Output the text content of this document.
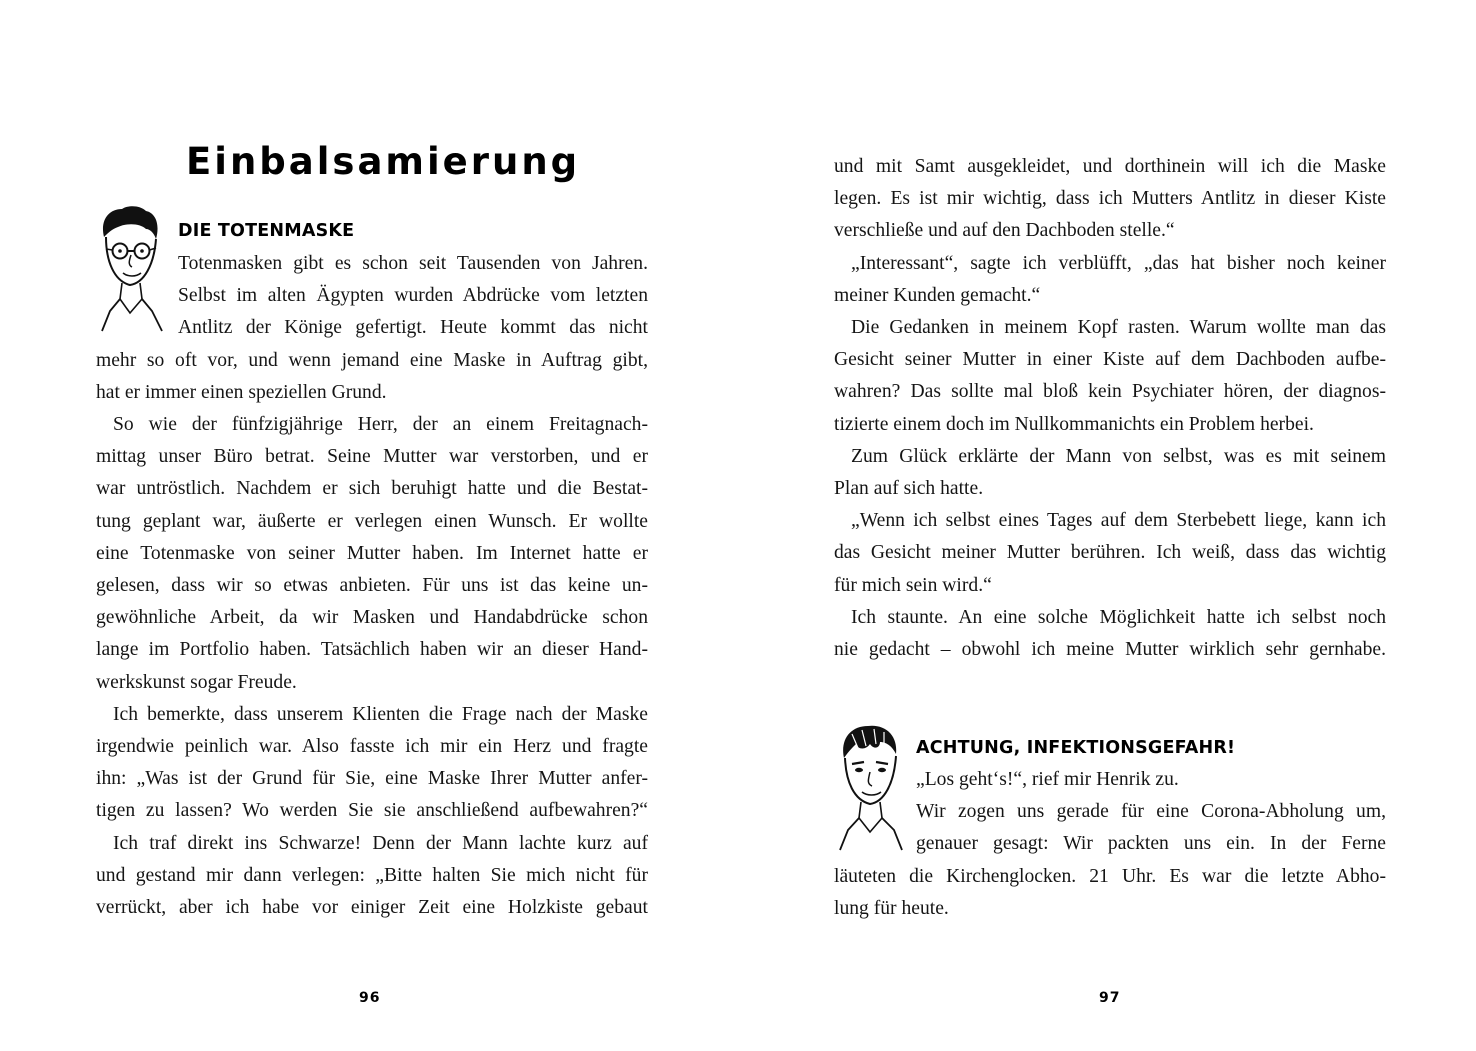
Einbalsamierung
DIE TOTENMASKE
Totenmasken gibt es schon seit Tausenden von Jahren.
Selbst im alten Ägypten wurden Abdrücke vom letzten
Antlitz der Könige gefertigt. Heute kommt das nicht
mehr so oft vor, und wenn jemand eine Maske in Auftrag gibt,
hat er immer einen speziellen Grund.
So wie der fünfzigjährige Herr, der an einem Freitagnach-
mittag unser Büro betrat. Seine Mutter war verstorben, und er
war untröstlich. Nachdem er sich beruhigt hatte und die Bestat-
tung geplant war, äußerte er verlegen einen Wunsch. Er wollte
eine Totenmaske von seiner Mutter haben. Im Internet hatte er
gelesen, dass wir so etwas anbieten. Für uns ist das keine un-
gewöhnliche Arbeit, da wir Masken und Handabdrücke schon
lange im Portfolio haben. Tatsächlich haben wir an dieser Hand-
werkskunst sogar Freude.
Ich bemerkte, dass unserem Klienten die Frage nach der Maske
irgendwie peinlich war. Also fasste ich mir ein Herz und fragte
ihn: „Was ist der Grund für Sie, eine Maske Ihrer Mutter anfer-
tigen zu lassen? Wo werden Sie sie anschließend aufbewahren?“
Ich traf direkt ins Schwarze! Denn der Mann lachte kurz auf
und gestand mir dann verlegen: „Bitte halten Sie mich nicht für
verrückt, aber ich habe vor einiger Zeit eine Holzkiste gebaut

96

und mit Samt ausgekleidet, und dorthinein will ich die Maske
legen. Es ist mir wichtig, dass ich Mutters Antlitz in dieser Kiste
verschließe und auf den Dachboden stelle.“
„Interessant“, sagte ich verblüfft, „das hat bisher noch keiner
meiner Kunden gemacht.“
Die Gedanken in meinem Kopf rasten. Warum wollte man das
Gesicht seiner Mutter in einer Kiste auf dem Dachboden aufbe-
wahren? Das sollte mal bloß kein Psychiater hören, der diagnos-
tizierte einem doch im Nullkommanichts ein Problem herbei.
Zum Glück erklärte der Mann von selbst, was es mit seinem
Plan auf sich hatte.
„Wenn ich selbst eines Tages auf dem Sterbebett liege, kann ich
das Gesicht meiner Mutter berühren. Ich weiß, dass das wichtig
für mich sein wird.“
Ich staunte. An eine solche Möglichkeit hatte ich selbst noch
nie gedacht – obwohl ich meine Mutter wirklich sehr gernhabe.
ACHTUNG, INFEKTIONSGEFAHR!
„Los geht‘s!“, rief mir Henrik zu.
Wir zogen uns gerade für eine Corona-Abholung um,
genauer gesagt: Wir packten uns ein. In der Ferne
läuteten die Kirchenglocken. 21 Uhr. Es war die letzte Abho-
lung für heute.

97
